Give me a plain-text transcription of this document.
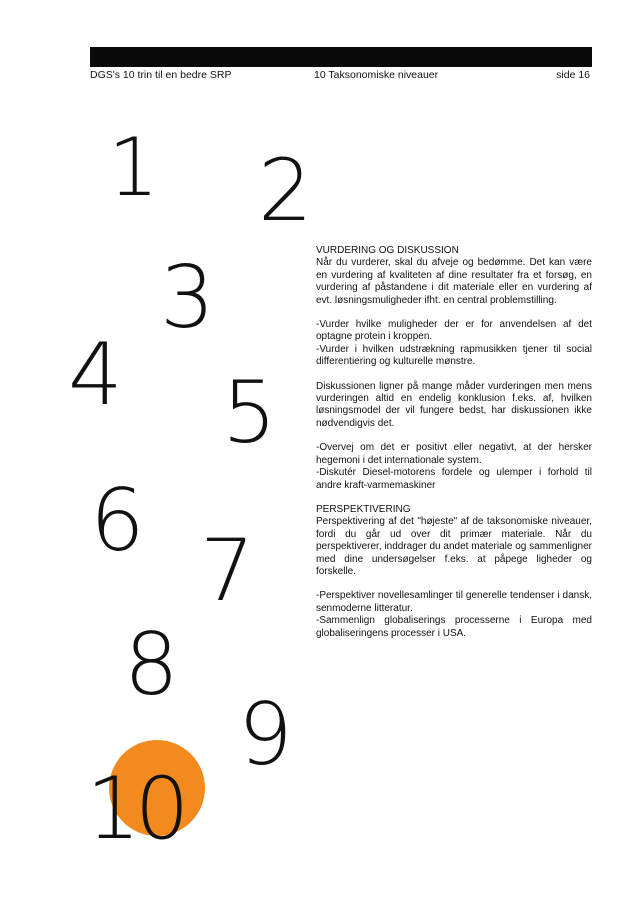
DGS's 10 trin til en bedre SRP	10 Taksonomiske niveauer	side 16
1 2
3
4 5
6 7
8
9
10

VURDERING OG DISKUSSION
Når du vurderer, skal du afveje og bedømme. Det kan være en vurdering af kvaliteten af dine resultater fra et forsøg, en vurdering af påstandene i dit materiale eller en vurdering af evt. løsningsmuligheder ifht. en central problemstilling.

-Vurder hvilke muligheder der er for anvendelsen af det optagne protein i kroppen.
-Vurder i hvilken udstrækning rapmusikken tjener til social differentiering og kulturelle mønstre.

Diskussionen ligner på mange måder vurderingen men mens vurderingen altid en endelig konklusion f.eks. af, hvilken løsningsmodel der vil fungere bedst, har diskussionen ikke nødvendigvis det.

-Overvej om det er positivt eller negativt, at der hersker hegemoni i det internationale system.
-Diskutér Diesel-motorens fordele og ulemper i forhold til andre kraft-varmemaskiner

PERSPEKTIVERING
Perspektivering af det "højeste" af de taksonomiske niveauer, fordi du går ud over dit primær materiale. Når du perspektiverer, inddrager du andet materiale og sammenligner med dine undersøgelser f.eks. at påpege ligheder og forskelle.

-Perspektiver novellesamlinger til generelle tendenser i dansk, senmoderne litteratur.
-Sammenlign globaliserings processerne i Europa med globaliseringens processer i USA.
